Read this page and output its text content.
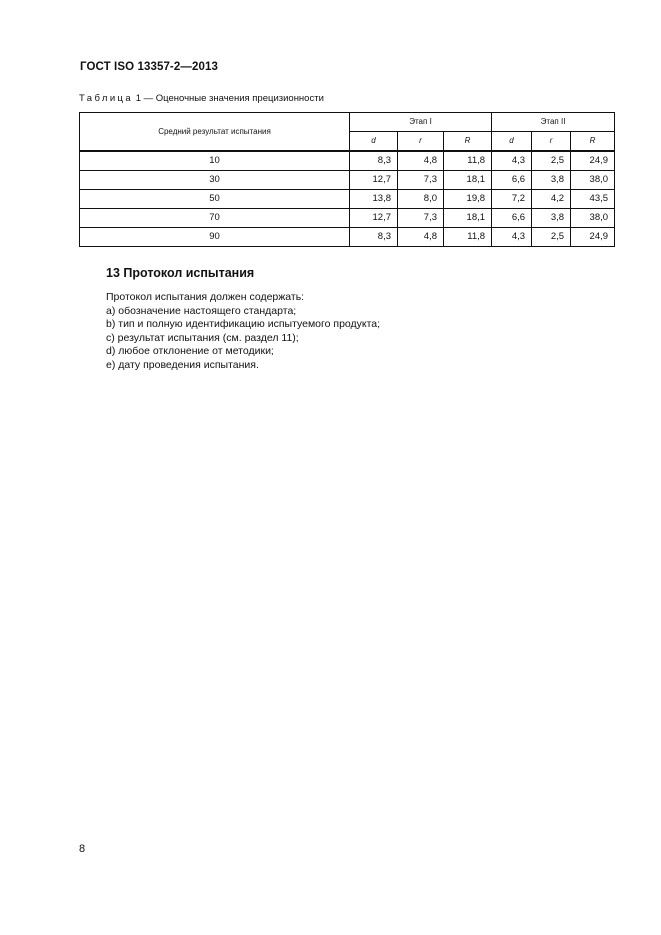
ГОСТ ISO 13357-2—2013
Таблица 1 — Оценочные значения прецизионности
Средний результат испытания	Этап I			Этап II		
	d	r	R	d	r	R
10	8,3	4,8	11,8	4,3	2,5	24,9
30	12,7	7,3	18,1	6,6	3,8	38,0
50	13,8	8,0	19,8	7,2	4,2	43,5
70	12,7	7,3	18,1	6,6	3,8	38,0
90	8,3	4,8	11,8	4,3	2,5	24,9
13 Протокол испытания
Протокол испытания должен содержать:
a) обозначение настоящего стандарта;
b) тип и полную идентификацию испытуемого продукта;
c) результат испытания (см. раздел 11);
d) любое отклонение от методики;
e) дату проведения испытания.
8
